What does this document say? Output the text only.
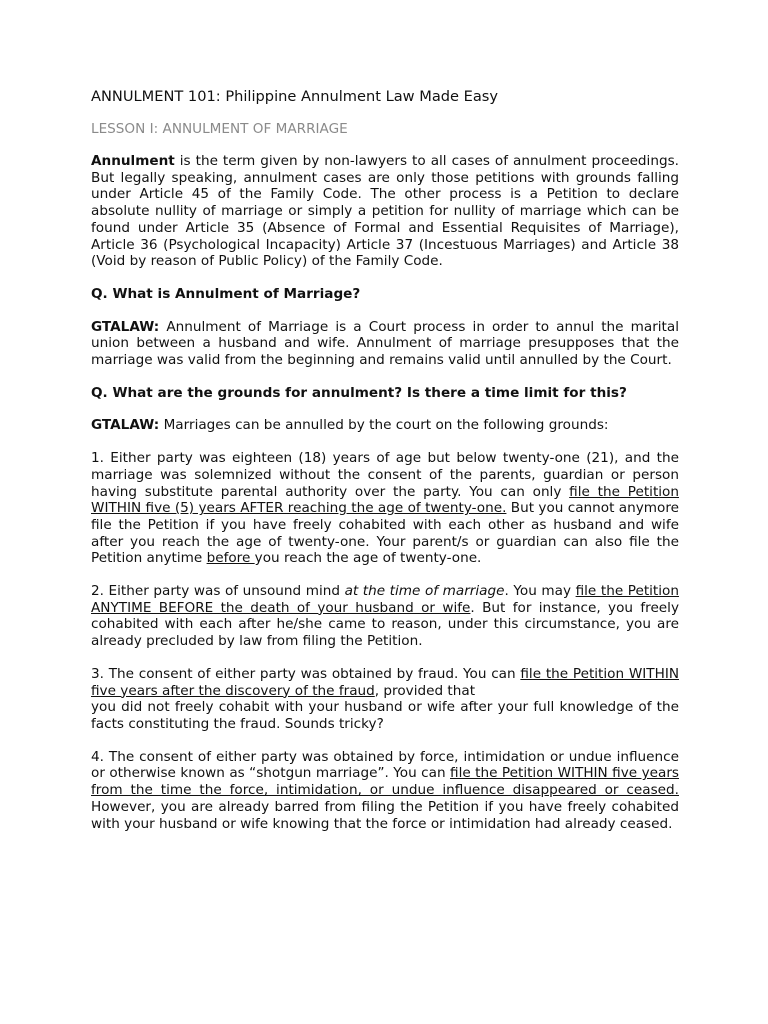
ANNULMENT 101: Philippine Annulment Law Made Easy
LESSON I: ANNULMENT OF MARRIAGE

Annulment is the term given by non-lawyers to all cases of annulment proceedings. But legally speaking, annulment cases are only those petitions with grounds falling under Article 45 of the Family Code. The other process is a Petition to declare absolute nullity of marriage or simply a petition for nullity of marriage which can be found under Article 35 (Absence of Formal and Essential Requisites of Marriage), Article 36 (Psychological Incapacity) Article 37 (Incestuous Marriages) and Article 38 (Void by reason of Public Policy) of the Family Code.

Q. What is Annulment of Marriage?

GTALAW: Annulment of Marriage is a Court process in order to annul the marital union between a husband and wife. Annulment of marriage presupposes that the marriage was valid from the beginning and remains valid until annulled by the Court.

Q. What are the grounds for annulment? Is there a time limit for this?

GTALAW: Marriages can be annulled by the court on the following grounds:

1. Either party was eighteen (18) years of age but below twenty-one (21), and the marriage was solemnized without the consent of the parents, guardian or person having substitute parental authority over the party. You can only file the Petition WITHIN five (5) years AFTER reaching the age of twenty-one. But you cannot anymore file the Petition if you have freely cohabited with each other as husband and wife after you reach the age of twenty-one. Your parent/s or guardian can also file the Petition anytime before you reach the age of twenty-one.

2. Either party was of unsound mind at the time of marriage. You may file the Petition ANYTIME BEFORE the death of your husband or wife. But for instance, you freely cohabited with each after he/she came to reason, under this circumstance, you are already precluded by law from filing the Petition.

3. The consent of either party was obtained by fraud. You can file the Petition WITHIN five years after the discovery of the fraud, provided that

you did not freely cohabit with your husband or wife after your full knowledge of the facts constituting the fraud. Sounds tricky?

4. The consent of either party was obtained by force, intimidation or undue influence or otherwise known as “shotgun marriage”. You can file the Petition WITHIN five years from the time the force, intimidation, or undue influence disappeared or ceased. However, you are already barred from filing the Petition if you have freely cohabited with your husband or wife knowing that the force or intimidation had already ceased.
